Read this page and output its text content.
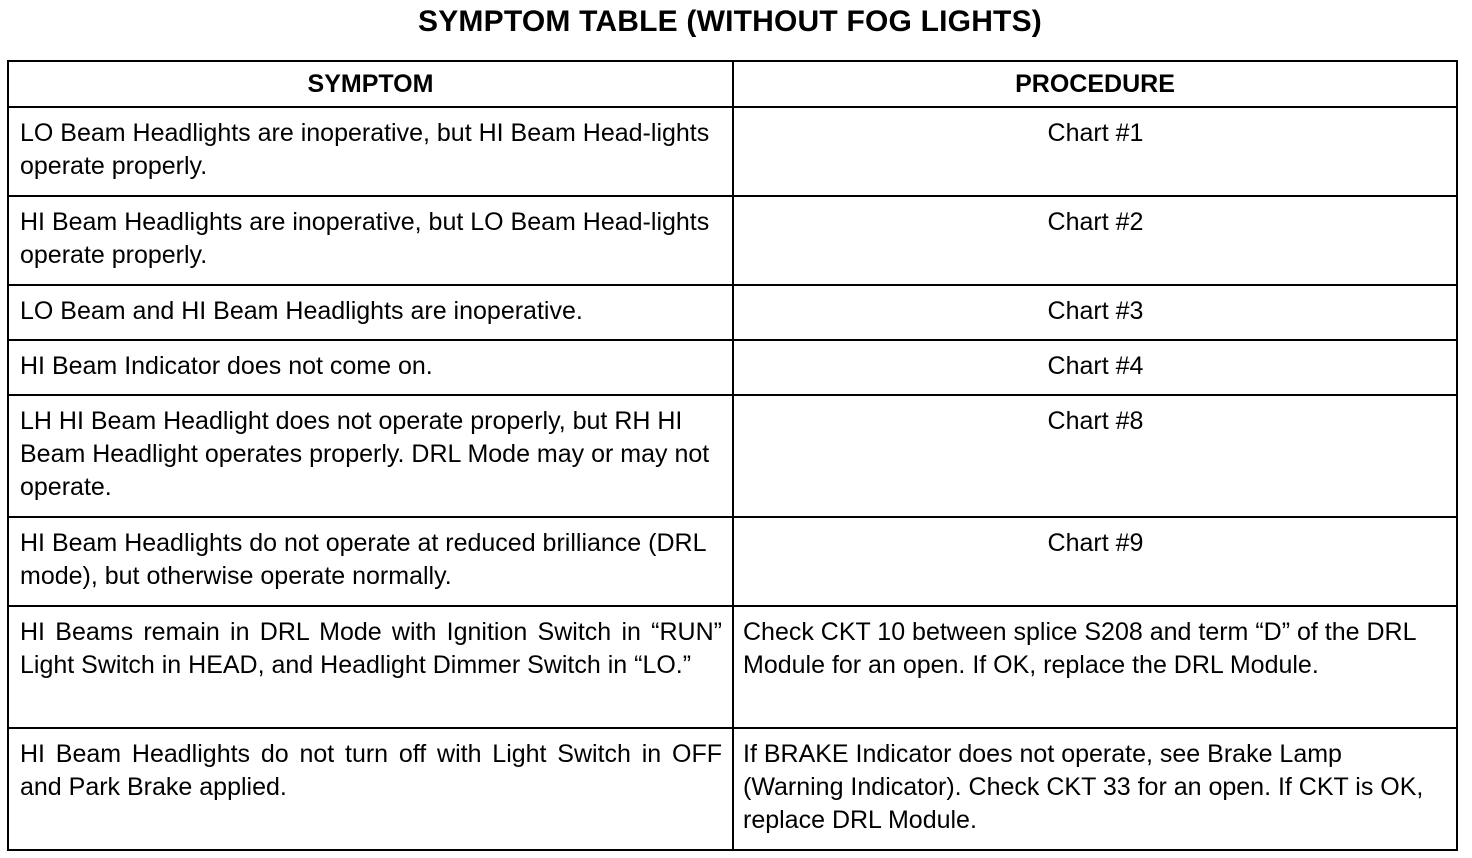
SYMPTOM TABLE (WITHOUT FOG LIGHTS)
SYMPTOM	PROCEDURE
LO Beam Headlights are inoperative, but HI Beam Head-lights operate properly.	Chart #1
HI Beam Headlights are inoperative, but LO Beam Head-lights operate properly.	Chart #2
LO Beam and HI Beam Headlights are inoperative.	Chart #3
HI Beam Indicator does not come on.	Chart #4
LH HI Beam Headlight does not operate properly, but RH HI Beam Headlight operates properly. DRL Mode may or may not operate.	Chart #8
HI Beam Headlights do not operate at reduced brilliance (DRL mode), but otherwise operate normally.	Chart #9
HI Beams remain in DRL Mode with Ignition Switch in “RUN” Light Switch in HEAD, and Headlight Dimmer Switch in “LO.”	Check CKT 10 between splice S208 and term “D” of the DRL Module for an open. If OK, replace the DRL Module.
HI Beam Headlights do not turn off with Light Switch in OFF and Park Brake applied.	If BRAKE Indicator does not operate, see Brake Lamp (Warning Indicator). Check CKT 33 for an open. If CKT is OK, replace DRL Module.
